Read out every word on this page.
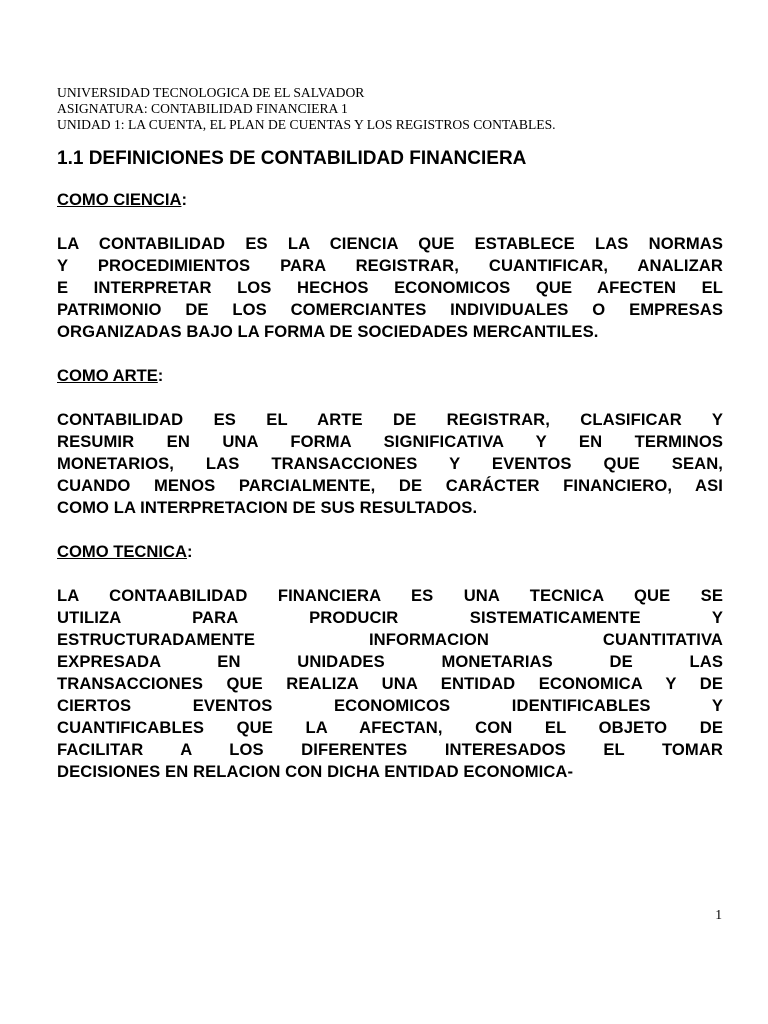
UNIVERSIDAD TECNOLOGICA DE EL SALVADOR
ASIGNATURA: CONTABILIDAD FINANCIERA 1
UNIDAD 1: LA CUENTA, EL PLAN DE CUENTAS Y LOS REGISTROS CONTABLES.
1.1 DEFINICIONES DE CONTABILIDAD FINANCIERA
COMO CIENCIA:
LA CONTABILIDAD ES LA CIENCIA QUE ESTABLECE LAS NORMAS
Y PROCEDIMIENTOS PARA REGISTRAR, CUANTIFICAR, ANALIZAR
E INTERPRETAR LOS HECHOS ECONOMICOS QUE AFECTEN EL
PATRIMONIO DE LOS COMERCIANTES INDIVIDUALES O EMPRESAS
ORGANIZADAS BAJO LA FORMA DE SOCIEDADES MERCANTILES.
COMO ARTE:
CONTABILIDAD ES EL ARTE DE REGISTRAR, CLASIFICAR Y
RESUMIR EN UNA FORMA SIGNIFICATIVA Y EN TERMINOS
MONETARIOS, LAS TRANSACCIONES Y EVENTOS QUE SEAN,
CUANDO MENOS PARCIALMENTE, DE CARÁCTER FINANCIERO, ASI
COMO LA INTERPRETACION DE SUS RESULTADOS.
COMO TECNICA:
LA CONTAABILIDAD FINANCIERA ES UNA TECNICA QUE SE
UTILIZA PARA PRODUCIR SISTEMATICAMENTE Y
ESTRUCTURADAMENTE INFORMACION CUANTITATIVA
EXPRESADA EN UNIDADES MONETARIAS DE LAS
TRANSACCIONES QUE REALIZA UNA ENTIDAD ECONOMICA Y DE
CIERTOS EVENTOS ECONOMICOS IDENTIFICABLES Y
CUANTIFICABLES QUE LA AFECTAN, CON EL OBJETO DE
FACILITAR A LOS DIFERENTES INTERESADOS EL TOMAR
DECISIONES EN RELACION CON DICHA ENTIDAD ECONOMICA-
1
